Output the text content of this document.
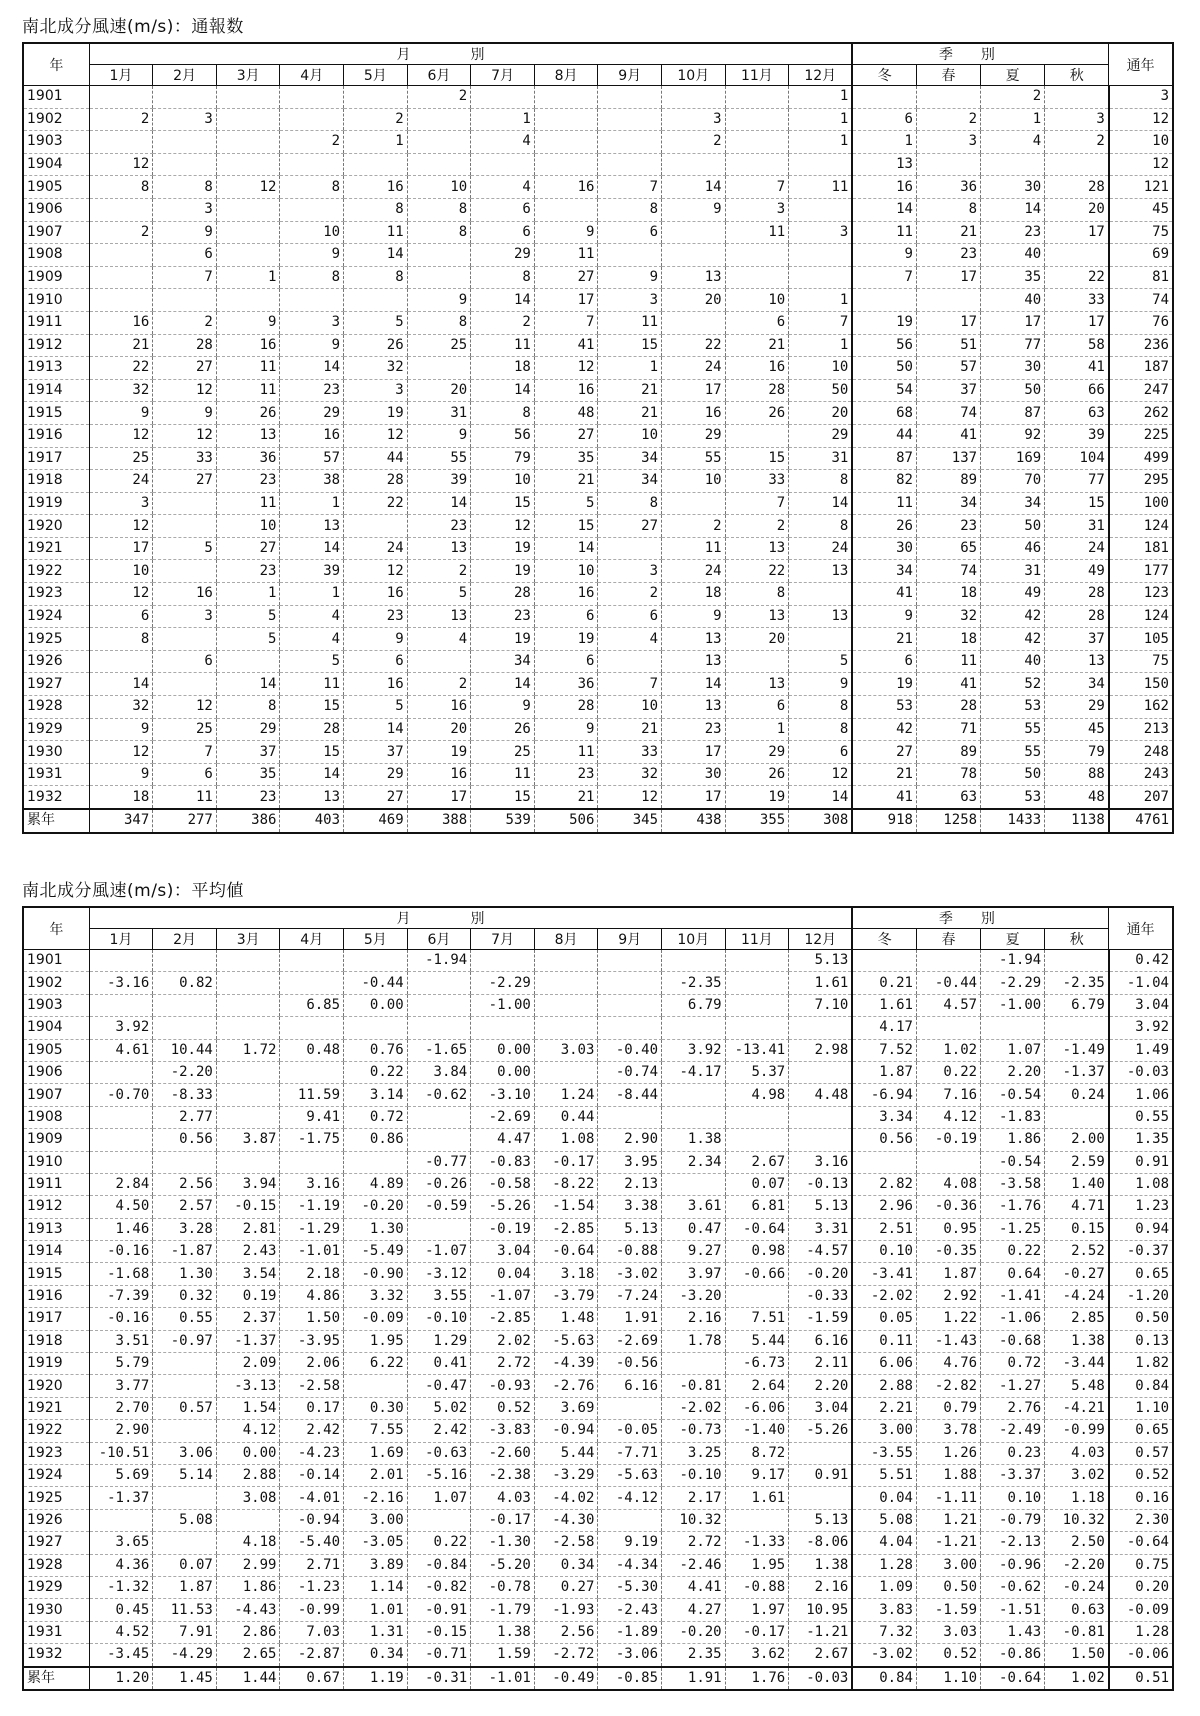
南北成分風速(m/s)：通報数
年	月別												季別				通年
	1月	2月	3月	4月	5月	6月	7月	8月	9月	10月	11月	12月	冬	春	夏	秋	
1901						2						1			2		3
1902	2	3			2		1			3		1	6	2	1	3	12
1903				2	1		4			2		1	1	3	4	2	10
1904	12												13				12
1905	8	8	12	8	16	10	4	16	7	14	7	11	16	36	30	28	121
1906		3			8	8	6		8	9	3		14	8	14	20	45
1907	2	9		10	11	8	6	9	6		11	3	11	21	23	17	75
1908		6		9	14		29	11					9	23	40		69
1909		7	1	8	8		8	27	9	13			7	17	35	22	81
1910						9	14	17	3	20	10	1			40	33	74
1911	16	2	9	3	5	8	2	7	11		6	7	19	17	17	17	76
1912	21	28	16	9	26	25	11	41	15	22	21	1	56	51	77	58	236
1913	22	27	11	14	32		18	12	1	24	16	10	50	57	30	41	187
1914	32	12	11	23	3	20	14	16	21	17	28	50	54	37	50	66	247
1915	9	9	26	29	19	31	8	48	21	16	26	20	68	74	87	63	262
1916	12	12	13	16	12	9	56	27	10	29		29	44	41	92	39	225
1917	25	33	36	57	44	55	79	35	34	55	15	31	87	137	169	104	499
1918	24	27	23	38	28	39	10	21	34	10	33	8	82	89	70	77	295
1919	3		11	1	22	14	15	5	8		7	14	11	34	34	15	100
1920	12		10	13		23	12	15	27	2	2	8	26	23	50	31	124
1921	17	5	27	14	24	13	19	14		11	13	24	30	65	46	24	181
1922	10		23	39	12	2	19	10	3	24	22	13	34	74	31	49	177
1923	12	16	1	1	16	5	28	16	2	18	8		41	18	49	28	123
1924	6	3	5	4	23	13	23	6	6	9	13	13	9	32	42	28	124
1925	8		5	4	9	4	19	19	4	13	20		21	18	42	37	105
1926		6		5	6		34	6		13		5	6	11	40	13	75
1927	14		14	11	16	2	14	36	7	14	13	9	19	41	52	34	150
1928	32	12	8	15	5	16	9	28	10	13	6	8	53	28	53	29	162
1929	9	25	29	28	14	20	26	9	21	23	1	8	42	71	55	45	213
1930	12	7	37	15	37	19	25	11	33	17	29	6	27	89	55	79	248
1931	9	6	35	14	29	16	11	23	32	30	26	12	21	78	50	88	243
1932	18	11	23	13	27	17	15	21	12	17	19	14	41	63	53	48	207
累年	347	277	386	403	469	388	539	506	345	438	355	308	918	1258	1433	1138	4761
南北成分風速(m/s)：平均値
年	月別												季別				通年
	1月	2月	3月	4月	5月	6月	7月	8月	9月	10月	11月	12月	冬	春	夏	秋	
1901						-1.94						5.13			-1.94		0.42
1902	-3.16	0.82			-0.44		-2.29			-2.35		1.61	0.21	-0.44	-2.29	-2.35	-1.04
1903				6.85	0.00		-1.00			6.79		7.10	1.61	4.57	-1.00	6.79	3.04
1904	3.92												4.17				3.92
1905	4.61	10.44	1.72	0.48	0.76	-1.65	0.00	3.03	-0.40	3.92	-13.41	2.98	7.52	1.02	1.07	-1.49	1.49
1906		-2.20			0.22	3.84	0.00		-0.74	-4.17	5.37		1.87	0.22	2.20	-1.37	-0.03
1907	-0.70	-8.33		11.59	3.14	-0.62	-3.10	1.24	-8.44		4.98	4.48	-6.94	7.16	-0.54	0.24	1.06
1908		2.77		9.41	0.72		-2.69	0.44					3.34	4.12	-1.83		0.55
1909		0.56	3.87	-1.75	0.86		4.47	1.08	2.90	1.38			0.56	-0.19	1.86	2.00	1.35
1910						-0.77	-0.83	-0.17	3.95	2.34	2.67	3.16			-0.54	2.59	0.91
1911	2.84	2.56	3.94	3.16	4.89	-0.26	-0.58	-8.22	2.13		0.07	-0.13	2.82	4.08	-3.58	1.40	1.08
1912	4.50	2.57	-0.15	-1.19	-0.20	-0.59	-5.26	-1.54	3.38	3.61	6.81	5.13	2.96	-0.36	-1.76	4.71	1.23
1913	1.46	3.28	2.81	-1.29	1.30		-0.19	-2.85	5.13	0.47	-0.64	3.31	2.51	0.95	-1.25	0.15	0.94
1914	-0.16	-1.87	2.43	-1.01	-5.49	-1.07	3.04	-0.64	-0.88	9.27	0.98	-4.57	0.10	-0.35	0.22	2.52	-0.37
1915	-1.68	1.30	3.54	2.18	-0.90	-3.12	0.04	3.18	-3.02	3.97	-0.66	-0.20	-3.41	1.87	0.64	-0.27	0.65
1916	-7.39	0.32	0.19	4.86	3.32	3.55	-1.07	-3.79	-7.24	-3.20		-0.33	-2.02	2.92	-1.41	-4.24	-1.20
1917	-0.16	0.55	2.37	1.50	-0.09	-0.10	-2.85	1.48	1.91	2.16	7.51	-1.59	0.05	1.22	-1.06	2.85	0.50
1918	3.51	-0.97	-1.37	-3.95	1.95	1.29	2.02	-5.63	-2.69	1.78	5.44	6.16	0.11	-1.43	-0.68	1.38	0.13
1919	5.79		2.09	2.06	6.22	0.41	2.72	-4.39	-0.56		-6.73	2.11	6.06	4.76	0.72	-3.44	1.82
1920	3.77		-3.13	-2.58		-0.47	-0.93	-2.76	6.16	-0.81	2.64	2.20	2.88	-2.82	-1.27	5.48	0.84
1921	2.70	0.57	1.54	0.17	0.30	5.02	0.52	3.69		-2.02	-6.06	3.04	2.21	0.79	2.76	-4.21	1.10
1922	2.90		4.12	2.42	7.55	2.42	-3.83	-0.94	-0.05	-0.73	-1.40	-5.26	3.00	3.78	-2.49	-0.99	0.65
1923	-10.51	3.06	0.00	-4.23	1.69	-0.63	-2.60	5.44	-7.71	3.25	8.72		-3.55	1.26	0.23	4.03	0.57
1924	5.69	5.14	2.88	-0.14	2.01	-5.16	-2.38	-3.29	-5.63	-0.10	9.17	0.91	5.51	1.88	-3.37	3.02	0.52
1925	-1.37		3.08	-4.01	-2.16	1.07	4.03	-4.02	-4.12	2.17	1.61		0.04	-1.11	0.10	1.18	0.16
1926		5.08		-0.94	3.00		-0.17	-4.30		10.32		5.13	5.08	1.21	-0.79	10.32	2.30
1927	3.65		4.18	-5.40	-3.05	0.22	-1.30	-2.58	9.19	2.72	-1.33	-8.06	4.04	-1.21	-2.13	2.50	-0.64
1928	4.36	0.07	2.99	2.71	3.89	-0.84	-5.20	0.34	-4.34	-2.46	1.95	1.38	1.28	3.00	-0.96	-2.20	0.75
1929	-1.32	1.87	1.86	-1.23	1.14	-0.82	-0.78	0.27	-5.30	4.41	-0.88	2.16	1.09	0.50	-0.62	-0.24	0.20
1930	0.45	11.53	-4.43	-0.99	1.01	-0.91	-1.79	-1.93	-2.43	4.27	1.97	10.95	3.83	-1.59	-1.51	0.63	-0.09
1931	4.52	7.91	2.86	7.03	1.31	-0.15	1.38	2.56	-1.89	-0.20	-0.17	-1.21	7.32	3.03	1.43	-0.81	1.28
1932	-3.45	-4.29	2.65	-2.87	0.34	-0.71	1.59	-2.72	-3.06	2.35	3.62	2.67	-3.02	0.52	-0.86	1.50	-0.06
累年	1.20	1.45	1.44	0.67	1.19	-0.31	-1.01	-0.49	-0.85	1.91	1.76	-0.03	0.84	1.10	-0.64	1.02	0.51
